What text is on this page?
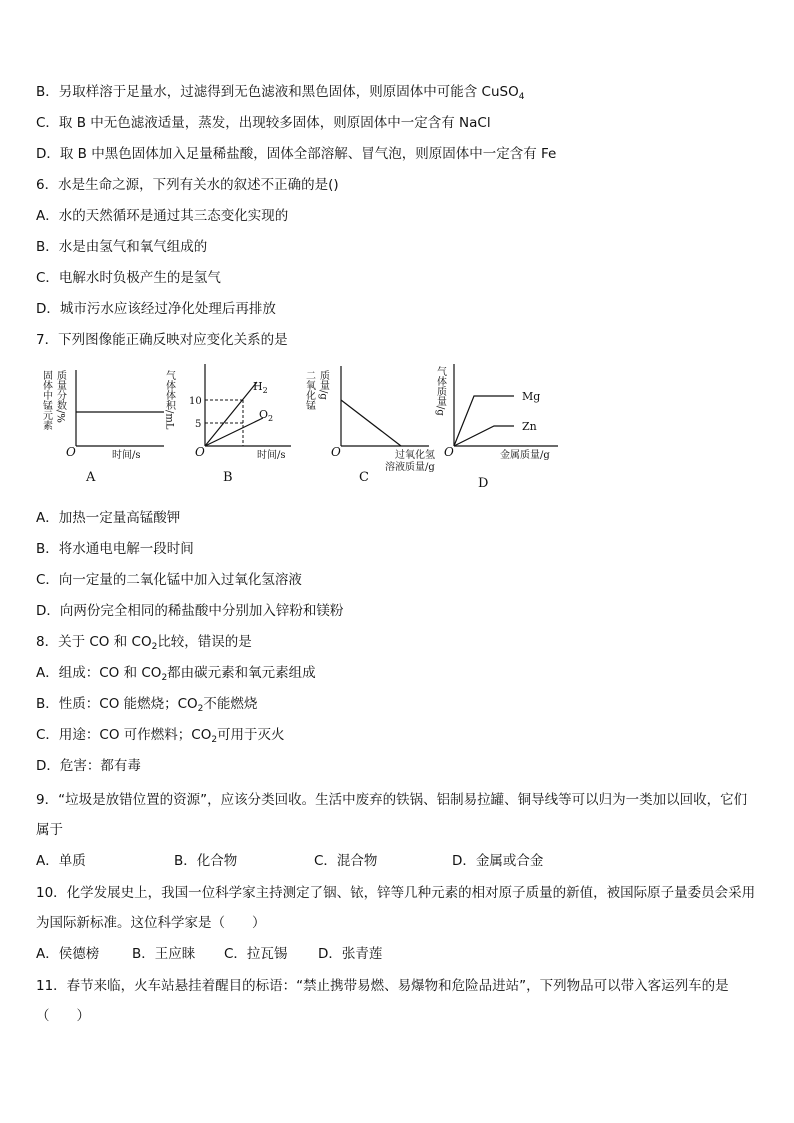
B．另取样溶于足量水，过滤得到无色滤液和黑色固体，则原固体中可能含 CuSO$_4$
C．取 B 中无色滤液适量，蒸发，出现较多固体，则原固体中一定含有 NaCl
D．取 B 中黑色固体加入足量稀盐酸，固体全部溶解、冒气泡，则原固体中一定含有 Fe
6．水是生命之源，下列有关水的叙述不正确的是()
A．水的天然循环是通过其三态变化实现的
B．水是由氢气和氧气组成的
C．电解水时负极产生的是氢气
D．城市污水应该经过净化处理后再排放
7．下列图像能正确反映对应变化关系的是
固体中锰元素 质量分数/%
O	时间/s
A
气体体积/mL 10
5
$H_2$
$O_2$
O	时间/s
B
二氧化锰 质量/g
O	过氧化氢
溶液质量/g
C
气体质量/g	Mg
Zn
O	金属质量/g
D
A．加热一定量高锰酸钾
B．将水通电电解一段时间
C．向一定量的二氧化锰中加入过氧化氢溶液
D．向两份完全相同的稀盐酸中分别加入锌粉和镁粉
8．关于 CO 和 $CO_2$比较，错误的是
A．组成：CO 和 $CO_2$都由碳元素和氧元素组成
B．性质：CO 能燃烧；$CO_2$不能燃烧
C．用途：CO 可作燃料；$CO_2$可用于灭火
D．危害：都有毒
9．“垃圾是放错位置的资源”，应该分类回收。生活中废弃的铁锅、铝制易拉罐、铜导线等可以归为一类加以回收，它们属于
A．单质	B．化合物	C．混合物	D．金属或合金
10．化学发展史上，我国一位科学家主持测定了铟、铱，锌等几种元素的相对原子质量的新值，被国际原子量委员会采用为国际新标准。这位科学家是（　　）
A．侯德榜 B．王应睐 C．拉瓦锡 D．张青莲
11．春节来临，火车站悬挂着醒目的标语：“禁止携带易燃、易爆物和危险品进站”，下列物品可以带入客运列车的是（　　）
